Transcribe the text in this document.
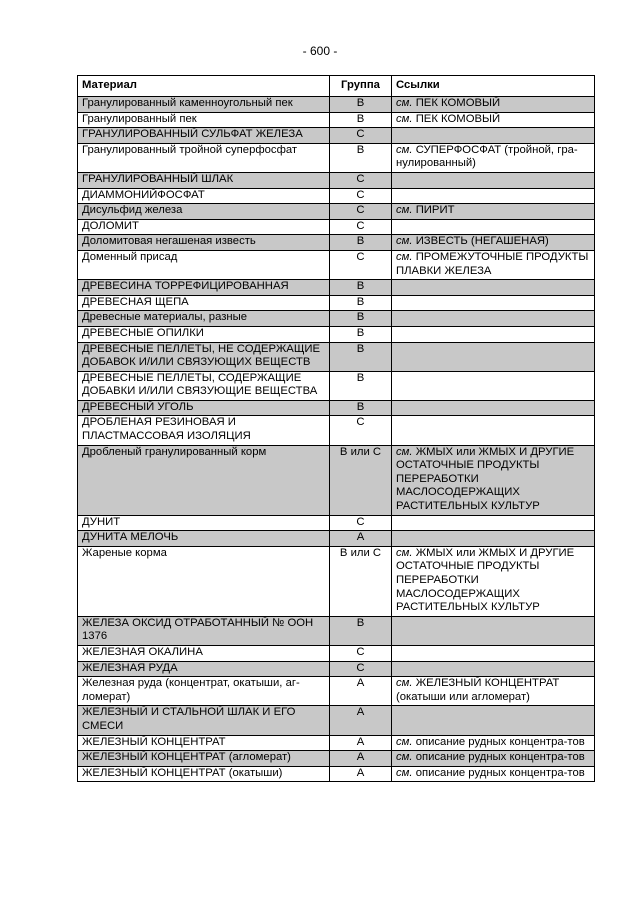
- 600 -
Материал	Группа	Ссылки
Гранулированный каменноугольный пек	B	см. ПЕК КОМОВЫЙ
Гранулированный пек	B	см. ПЕК КОМОВЫЙ
ГРАНУЛИРОВАННЫЙ СУЛЬФАТ ЖЕЛЕЗА	C	
Гранулированный тройной суперфосфат	B	см. СУПЕРФОСФАТ (тройной, гра-нулированный)
ГРАНУЛИРОВАННЫЙ ШЛАК	C	
ДИАММОНИЙФОСФАТ	C	
Дисульфид железа	C	см. ПИРИТ
ДОЛОМИТ	C	
Доломитовая негашеная известь	B	см. ИЗВЕСТЬ (НЕГАШЕНАЯ)
Доменный присад	C	см. ПРОМЕЖУТОЧНЫЕ ПРОДУКТЫ ПЛАВКИ ЖЕЛЕЗА
ДРЕВЕСИНА ТОРРЕФИЦИРОВАННАЯ	B	
ДРЕВЕСНАЯ ЩЕПА	B	
Древесные материалы, разные	B	
ДРЕВЕСНЫЕ ОПИЛКИ	B	
ДРЕВЕСНЫЕ ПЕЛЛЕТЫ, НЕ СОДЕРЖАЩИЕ ДОБАВОК И/ИЛИ СВЯЗУЮЩИХ ВЕЩЕСТВ	B	
ДРЕВЕСНЫЕ ПЕЛЛЕТЫ, СОДЕРЖАЩИЕ ДОБАВКИ И/ИЛИ СВЯЗУЮЩИЕ ВЕЩЕСТВА	B	
ДРЕВЕСНЫЙ УГОЛЬ	B	
ДРОБЛЕНАЯ РЕЗИНОВАЯ И ПЛАСТМАССОВАЯ ИЗОЛЯЦИЯ	C	
Дробленый гранулированный корм	B или C	см. ЖМЫХ или ЖМЫХ И ДРУГИЕ ОСТАТОЧНЫЕ ПРОДУКТЫ ПЕРЕРАБОТКИ МАСЛОСОДЕРЖАЩИХ РАСТИТЕЛЬНЫХ КУЛЬТУР
ДУНИТ	C	
ДУНИТА МЕЛОЧЬ	A	
Жареные корма	B или C	см. ЖМЫХ или ЖМЫХ И ДРУГИЕ ОСТАТОЧНЫЕ ПРОДУКТЫ ПЕРЕРАБОТКИ МАСЛОСОДЕРЖАЩИХ РАСТИТЕЛЬНЫХ КУЛЬТУР
ЖЕЛЕЗА ОКСИД ОТРАБОТАННЫЙ № ООН 1376	B	
ЖЕЛЕЗНАЯ ОКАЛИНА	C	
ЖЕЛЕЗНАЯ РУДА	C	
Железная руда (концентрат, окатыши, аг-ломерат)	A	см. ЖЕЛЕЗНЫЙ КОНЦЕНТРАТ (окатыши или агломерат)
ЖЕЛЕЗНЫЙ И СТАЛЬНОЙ ШЛАК И ЕГО СМЕСИ	A	
ЖЕЛЕЗНЫЙ КОНЦЕНТРАТ	A	см. описание рудных концентра-тов
ЖЕЛЕЗНЫЙ КОНЦЕНТРАТ (агломерат)	A	см. описание рудных концентра-тов
ЖЕЛЕЗНЫЙ КОНЦЕНТРАТ (окатыши)	A	см. описание рудных концентра-тов
